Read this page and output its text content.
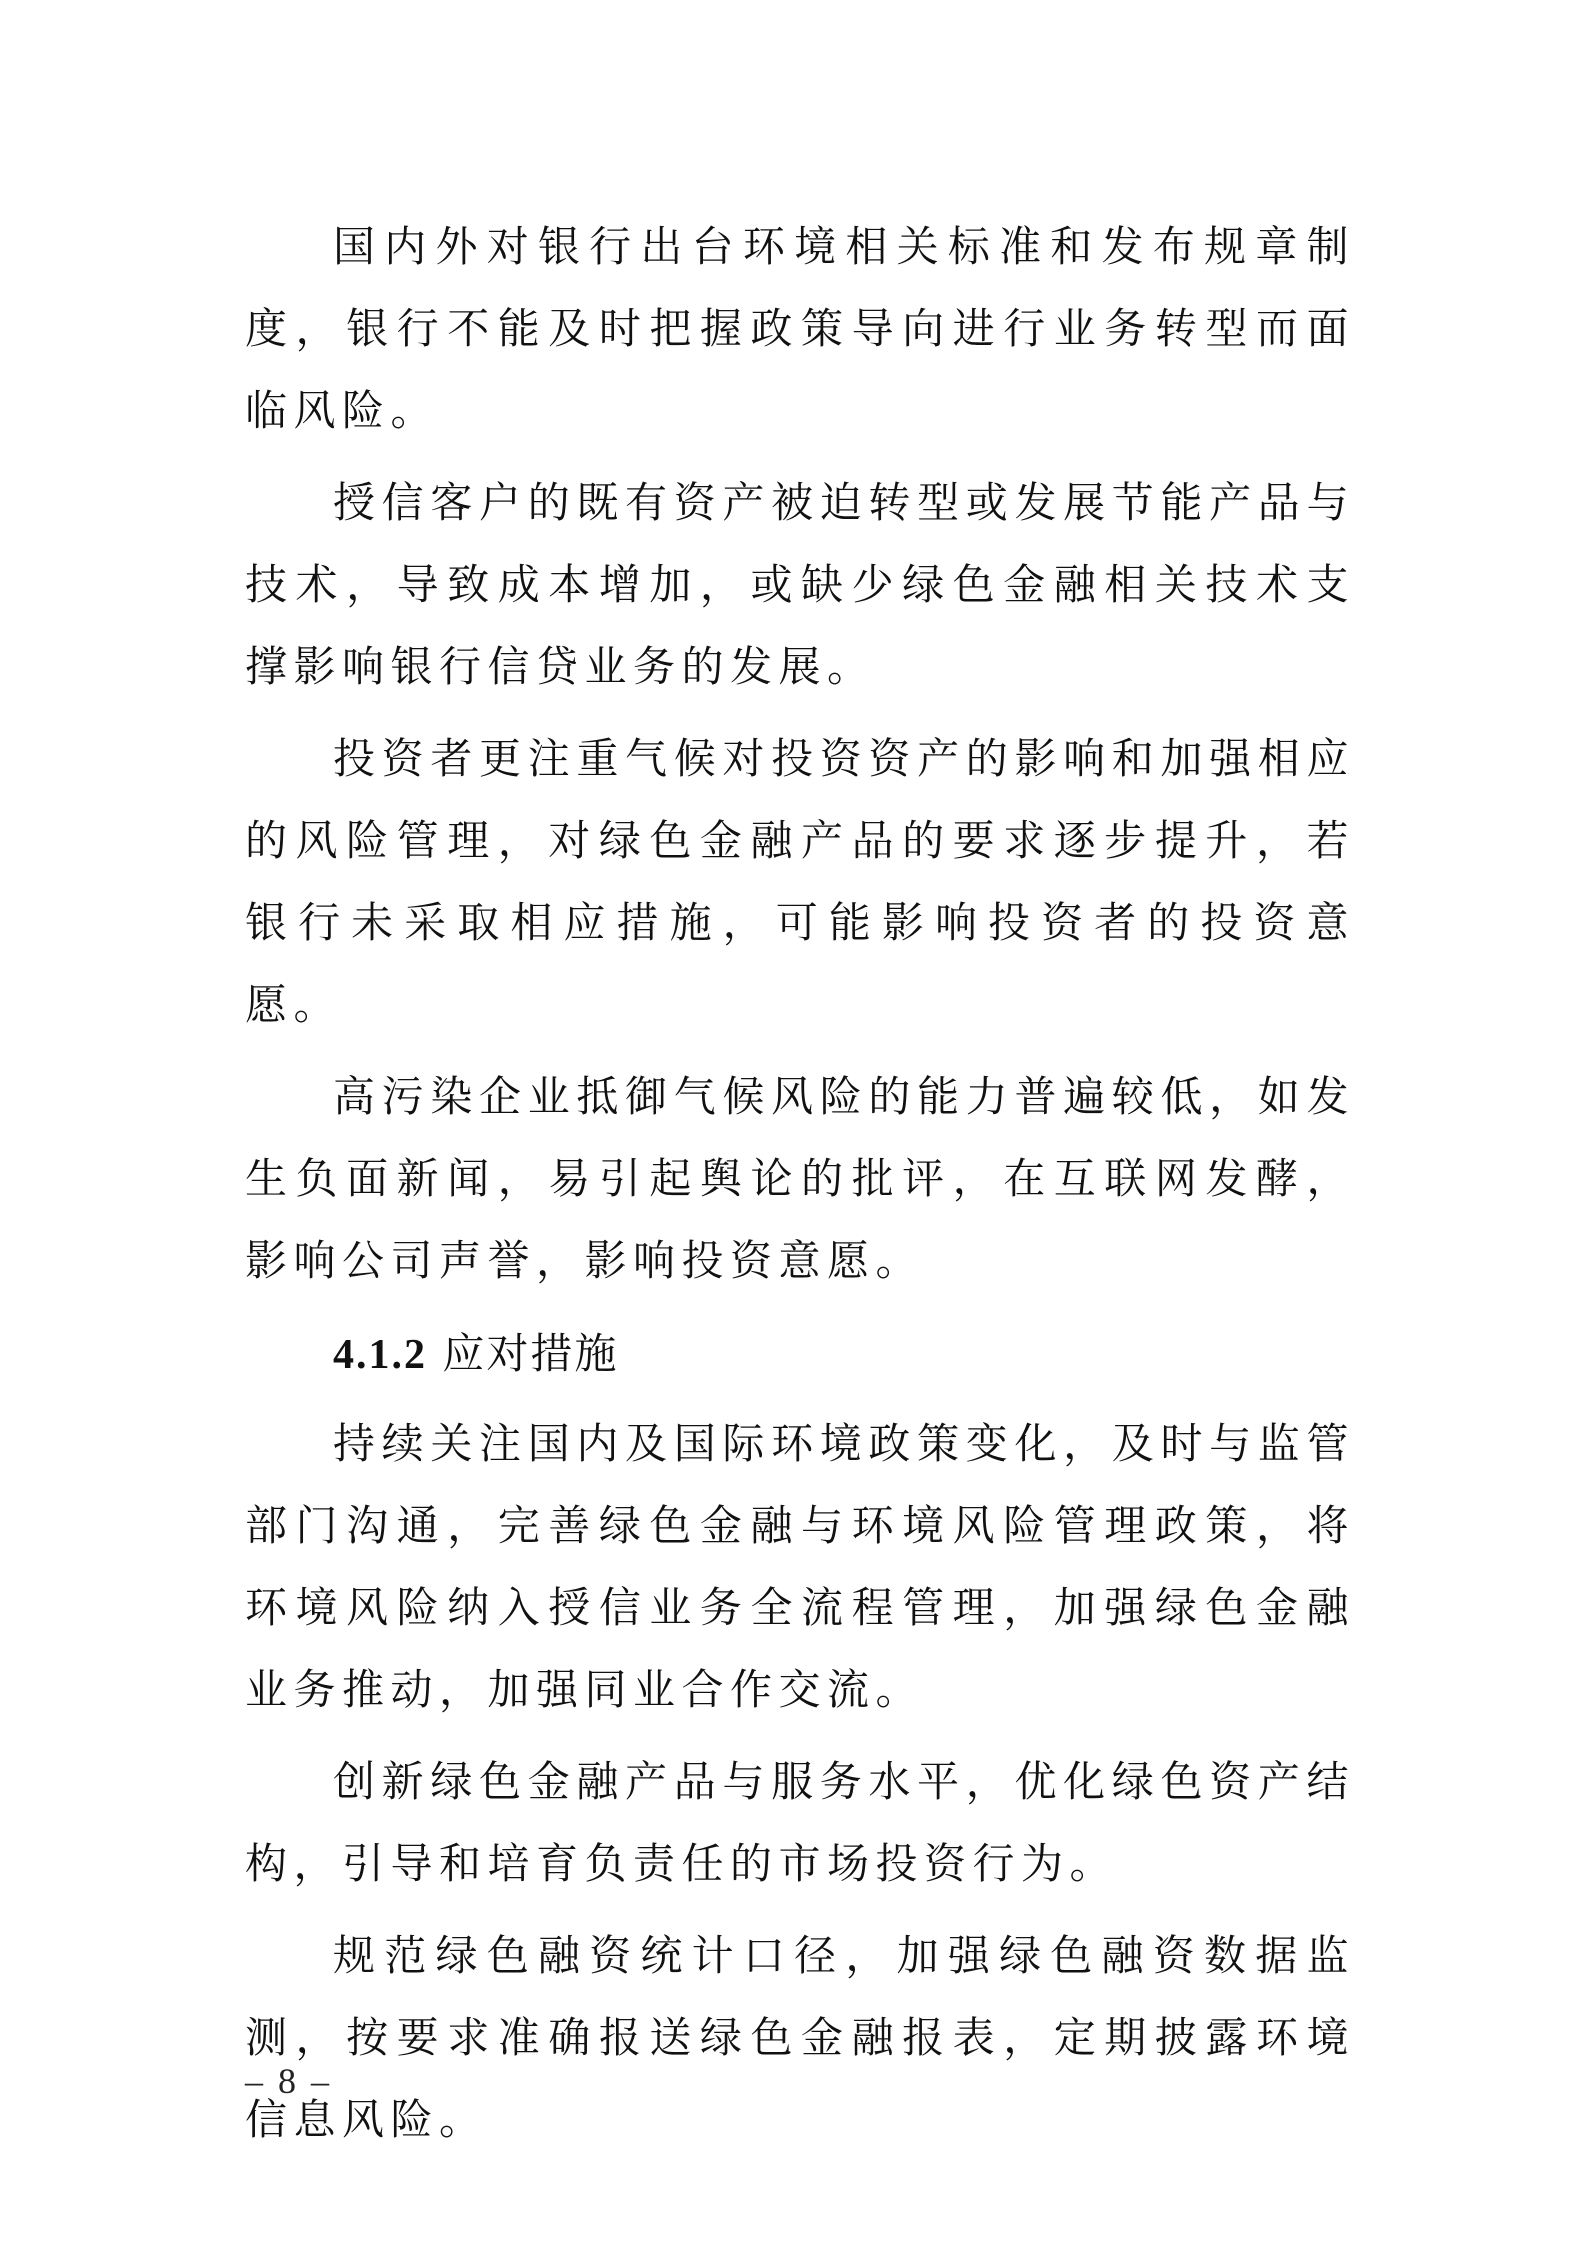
国内外对银行出台环境相关标准和发布规章制度，银行不能及时把握政策导向进行业务转型而面临风险。

授信客户的既有资产被迫转型或发展节能产品与技术，导致成本增加，或缺少绿色金融相关技术支撑影响银行信贷业务的发展。

投资者更注重气候对投资资产的影响和加强相应的风险管理，对绿色金融产品的要求逐步提升，若银行未采取相应措施，可能影响投资者的投资意愿。

高污染企业抵御气候风险的能力普遍较低，如发生负面新闻，易引起舆论的批评，在互联网发酵，影响公司声誉，影响投资意愿。

4.1.2 应对措施

持续关注国内及国际环境政策变化，及时与监管部门沟通，完善绿色金融与环境风险管理政策，将环境风险纳入授信业务全流程管理，加强绿色金融业务推动，加强同业合作交流。

创新绿色金融产品与服务水平，优化绿色资产结构，引导和培育负责任的市场投资行为。

规范绿色融资统计口径，加强绿色融资数据监测，按要求准确报送绿色金融报表，定期披露环境信息风险。

– 8 –
